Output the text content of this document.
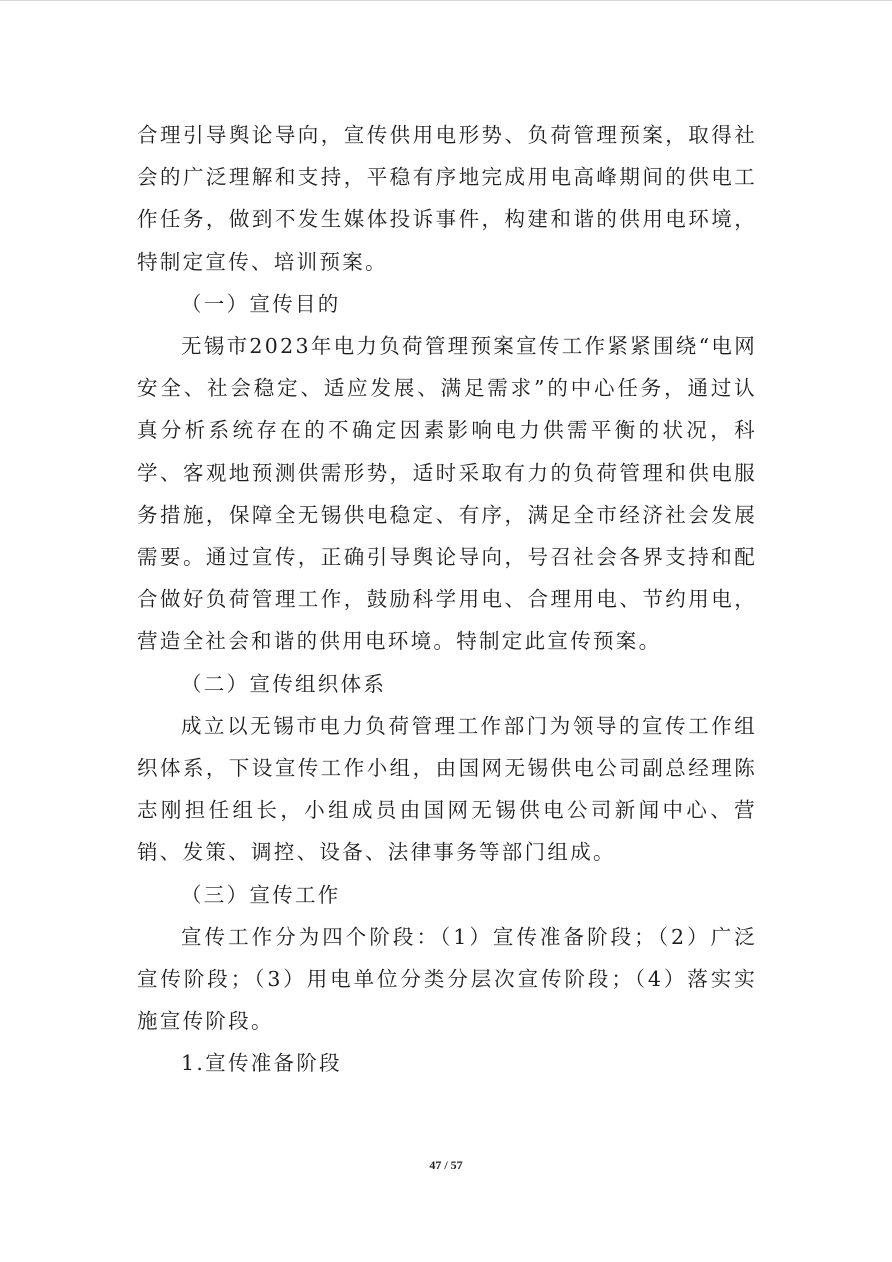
合理引导舆论导向，宣传供用电形势、负荷管理预案，取得社会的广泛理解和支持，平稳有序地完成用电高峰期间的供电工作任务，做到不发生媒体投诉事件，构建和谐的供用电环境，特制定宣传、培训预案。

（一）宣传目的

无锡市2023年电力负荷管理预案宣传工作紧紧围绕“电网安全、社会稳定、适应发展、满足需求”的中心任务，通过认真分析系统存在的不确定因素影响电力供需平衡的状况，科学、客观地预测供需形势，适时采取有力的负荷管理和供电服务措施，保障全无锡供电稳定、有序，满足全市经济社会发展需要。通过宣传，正确引导舆论导向，号召社会各界支持和配合做好负荷管理工作，鼓励科学用电、合理用电、节约用电，营造全社会和谐的供用电环境。特制定此宣传预案。

（二）宣传组织体系

成立以无锡市电力负荷管理工作部门为领导的宣传工作组织体系，下设宣传工作小组，由国网无锡供电公司副总经理陈志刚担任组长，小组成员由国网无锡供电公司新闻中心、营销、发策、调控、设备、法律事务等部门组成。

（三）宣传工作

宣传工作分为四个阶段：（1）宣传准备阶段；（2）广泛宣传阶段；（3）用电单位分类分层次宣传阶段；（4）落实实施宣传阶段。

1.宣传准备阶段

47 / 57
